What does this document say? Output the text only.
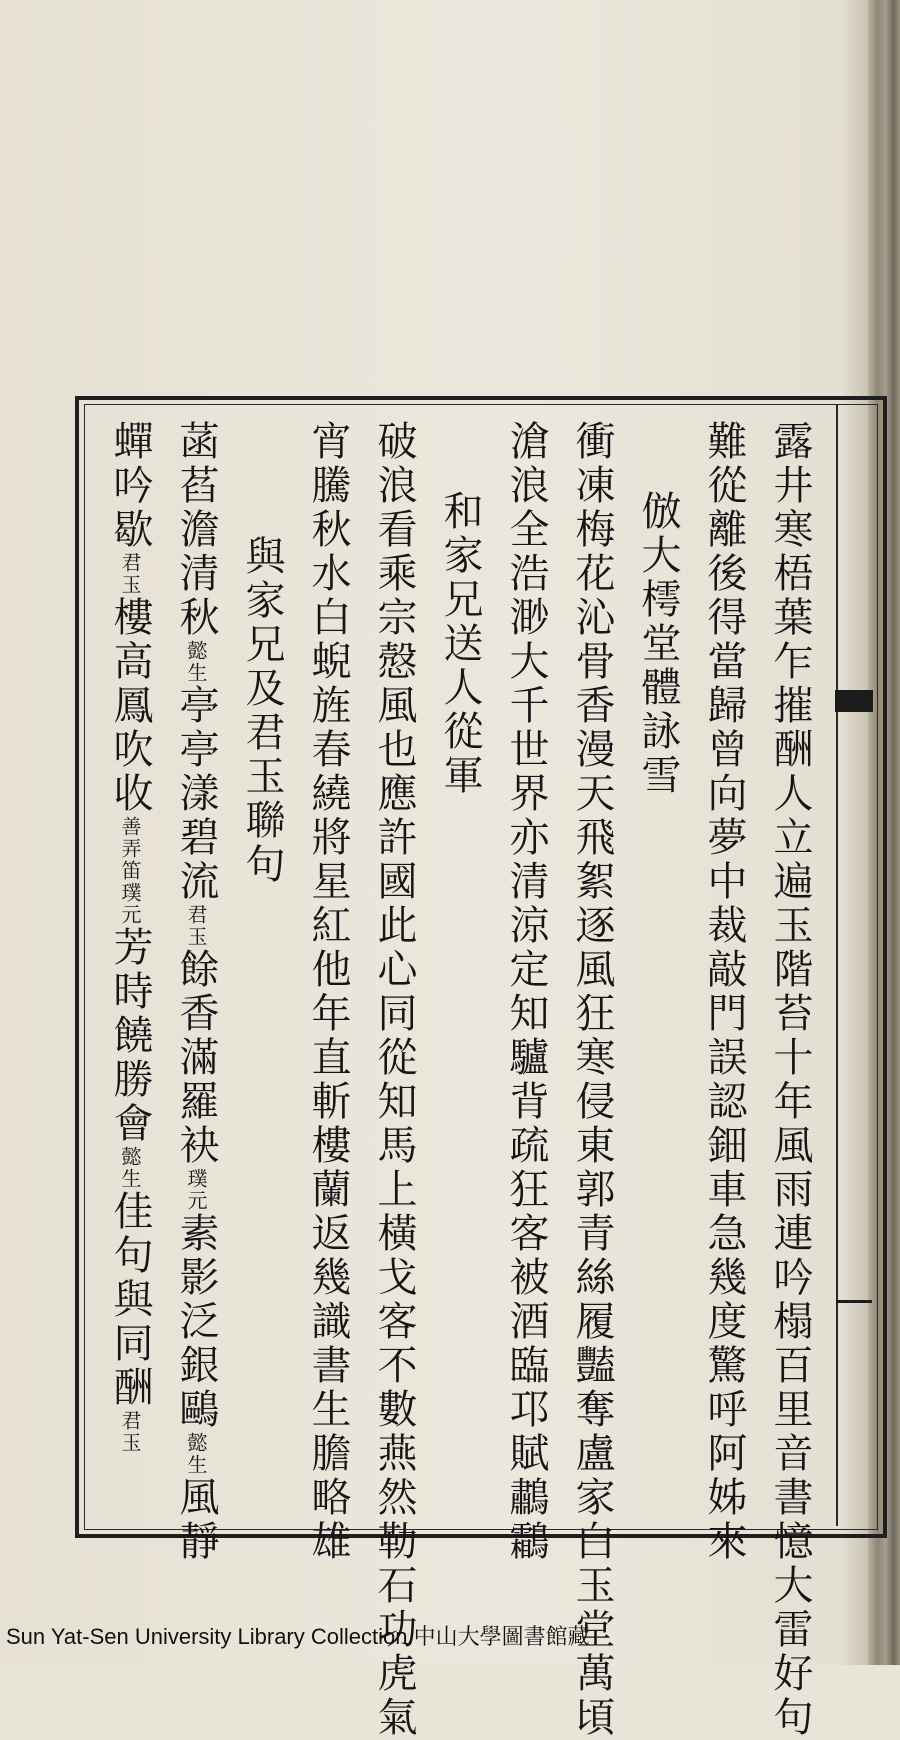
露井寒梧葉乍摧酬人立遍玉階苔十年風雨連吟榻百里音書憶大雷好句
難從離後得當歸曾向夢中裁敲門誤認鈿車急幾度驚呼阿姊來
倣大樗堂體詠雪
衝凍梅花沁骨香漫天飛絮逐風狂寒侵東郭青絲履豔奪盧家白玉堂萬頃
滄浪全浩渺大千世界亦清涼定知驢背疏狂客被酒臨邛賦鷫鸘
和家兄送人從軍
破浪看乘宗慤風也應許國此心同從知馬上橫戈客不數燕然勒石功虎氣
宵騰秋水白蜺旌春繞將星紅他年直斬樓蘭返幾識書生膽略雄
與家兄及君玉聯句
菡萏澹清秋懿生亭亭漾碧流君玉餘香滿羅袂璞元素影泛銀鷗懿生風靜
蟬吟歇君玉樓高鳳吹收善弄笛璞元芳時饒勝會懿生佳句與同酬君玉
Sun Yat-Sen University Library Collection 中山大學圖書館藏
